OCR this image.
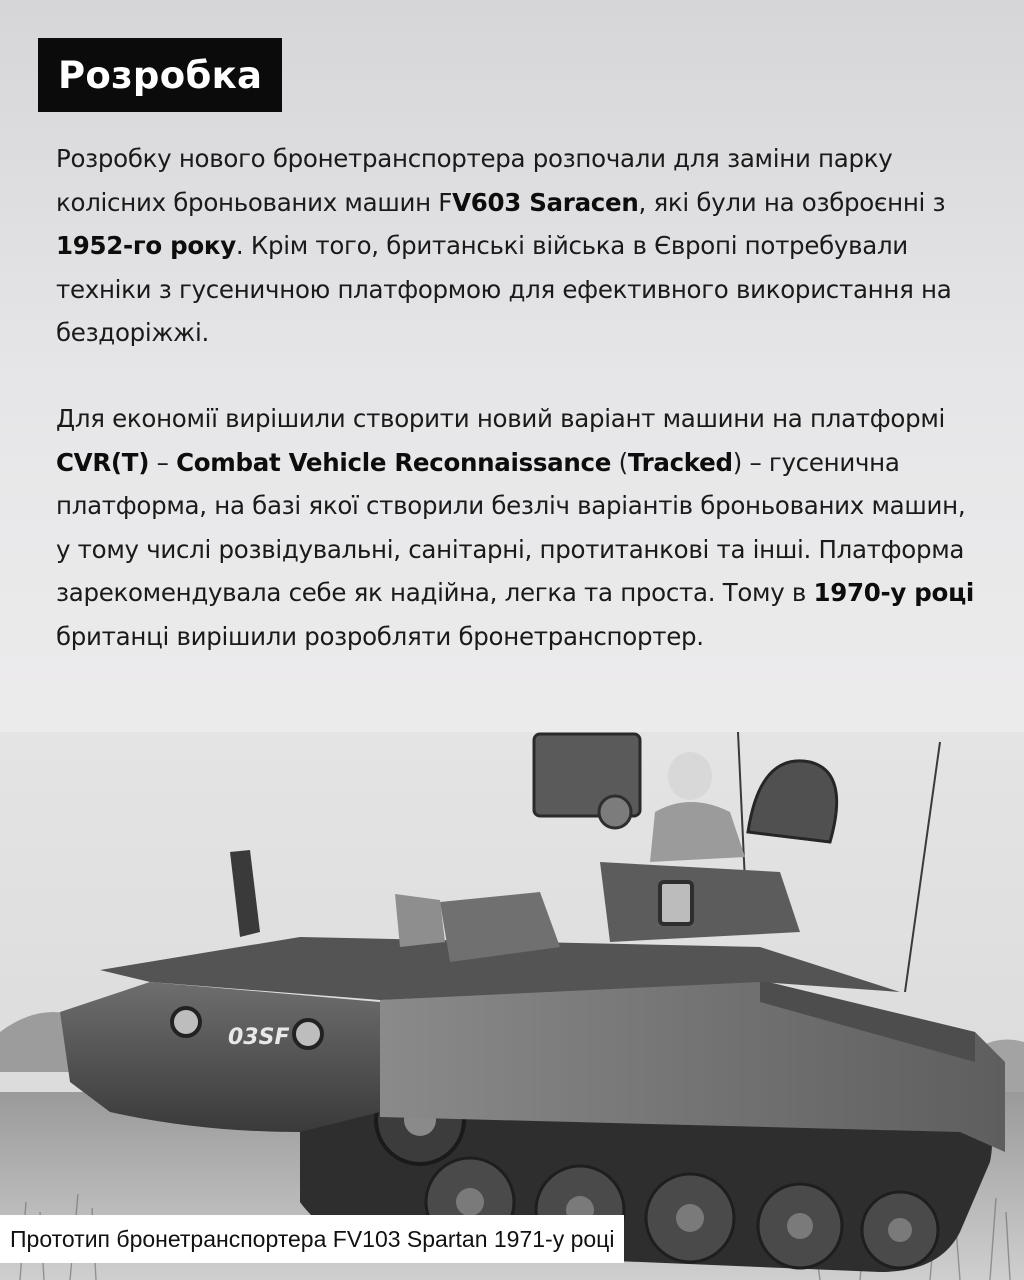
Розробка

Розробку нового бронетранспортера розпочали для заміни парку колісних броньованих машин FV603 Saracen, які були на озброєнні з 1952-го року. Крім того, британські війська в Європі потребували техніки з гусеничною платформою для ефективного використання на бездоріжжі.

Для економії вирішили створити новий варіант машини на платформі CVR(T) – Combat Vehicle Reconnaissance (Tracked) – гусенична платформа, на базі якої створили безліч варіантів броньованих машин, у тому числі розвідувальні, санітарні, протитанкові та інші. Платформа зарекомендувала себе як надійна, легка та проста. Тому в 1970-у році британці вирішили розробляти бронетранспортер.

03SF
Прототип бронетранспортера FV103 Spartan 1971-у році
